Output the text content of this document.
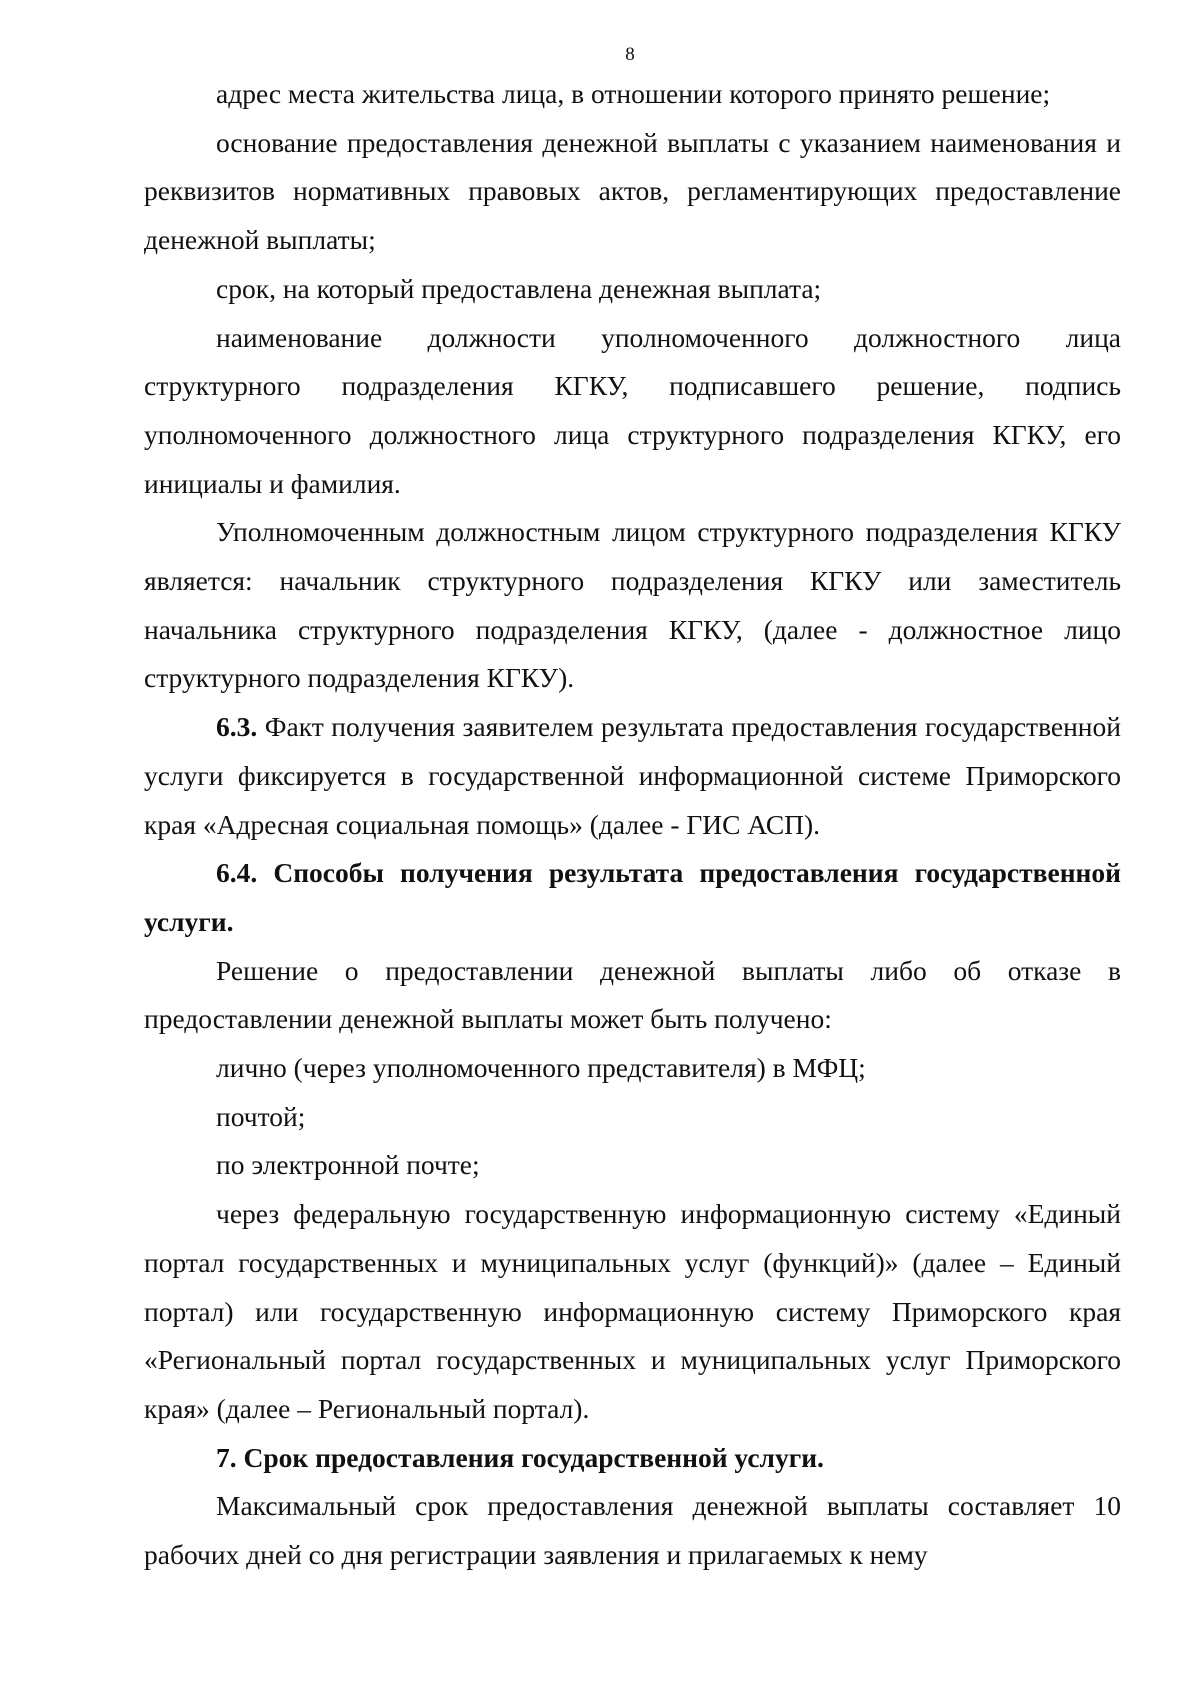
8

адрес места жительства лица, в отношении которого принято решение;

основание предоставления денежной выплаты с указанием наименования и реквизитов нормативных правовых актов, регламентирующих предоставление денежной выплаты;

срок, на который предоставлена денежная выплата;

наименование должности уполномоченного должностного лица структурного подразделения КГКУ, подписавшего решение, подпись уполномоченного должностного лица структурного подразделения КГКУ, его инициалы и фамилия.

Уполномоченным должностным лицом структурного подразделения КГКУ является: начальник структурного подразделения КГКУ или заместитель начальника структурного подразделения КГКУ, (далее - должностное лицо структурного подразделения КГКУ).

6.3. Факт получения заявителем результата предоставления государственной услуги фиксируется в государственной информационной системе Приморского края «Адресная социальная помощь» (далее - ГИС АСП).

6.4. Способы получения результата предоставления государственной услуги.

Решение о предоставлении денежной выплаты либо об отказе в предоставлении денежной выплаты может быть получено:

лично (через уполномоченного представителя) в МФЦ;

почтой;

по электронной почте;

через федеральную государственную информационную систему «Единый портал государственных и муниципальных услуг (функций)» (далее – Единый портал) или государственную информационную систему Приморского края «Региональный портал государственных и муниципальных услуг Приморского края» (далее – Региональный портал).

7. Срок предоставления государственной услуги.

Максимальный срок предоставления денежной выплаты составляет 10 рабочих дней со дня регистрации заявления и прилагаемых к нему
